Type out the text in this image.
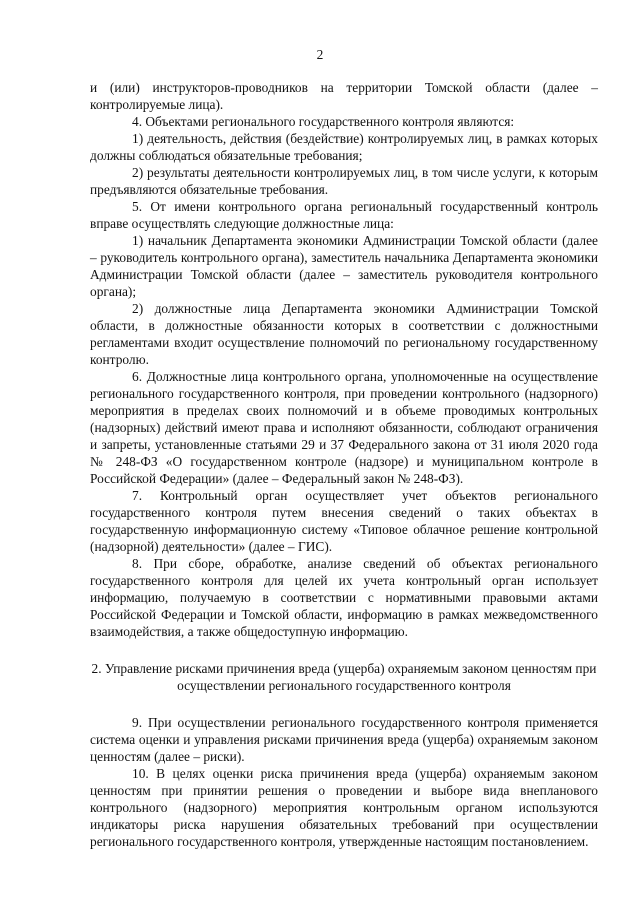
2

и (или) инструкторов-проводников на территории Томской области (далее – контролируемые лица).

4. Объектами регионального государственного контроля являются:

1) деятельность, действия (бездействие) контролируемых лиц, в рамках которых должны соблюдаться обязательные требования;

2) результаты деятельности контролируемых лиц, в том числе услуги, к которым предъявляются обязательные требования.

5. От имени контрольного органа региональный государственный контроль вправе осуществлять следующие должностные лица:

1) начальник Департамента экономики Администрации Томской области (далее – руководитель контрольного органа), заместитель начальника Департамента экономики Администрации Томской области (далее – заместитель руководителя контрольного органа);

2) должностные лица Департамента экономики Администрации Томской области, в должностные обязанности которых в соответствии с должностными регламентами входит осуществление полномочий по региональному государственному контролю.

6. Должностные лица контрольного органа, уполномоченные на осуществление регионального государственного контроля, при проведении контрольного (надзорного) мероприятия в пределах своих полномочий и в объеме проводимых контрольных (надзорных) действий имеют права и исполняют обязанности, соблюдают ограничения и запреты, установленные статьями 29 и 37 Федерального закона от 31 июля 2020 года № 248-ФЗ «О государственном контроле (надзоре) и муниципальном контроле в Российской Федерации» (далее – Федеральный закон № 248-ФЗ).

7. Контрольный орган осуществляет учет объектов регионального государственного контроля путем внесения сведений о таких объектах в государственную информационную систему «Типовое облачное решение контрольной (надзорной) деятельности» (далее – ГИС).

8. При сборе, обработке, анализе сведений об объектах регионального государственного контроля для целей их учета контрольный орган использует информацию, получаемую в соответствии с нормативными правовыми актами Российской Федерации и Томской области, информацию в рамках межведомственного взаимодействия, а также общедоступную информацию.

2. Управление рисками причинения вреда (ущерба) охраняемым законом ценностям при осуществлении регионального государственного контроля

9. При осуществлении регионального государственного контроля применяется система оценки и управления рисками причинения вреда (ущерба) охраняемым законом ценностям (далее – риски).

10. В целях оценки риска причинения вреда (ущерба) охраняемым законом ценностям при принятии решения о проведении и выборе вида внепланового контрольного (надзорного) мероприятия контрольным органом используются индикаторы риска нарушения обязательных требований при осуществлении регионального государственного контроля, утвержденные настоящим постановлением.
